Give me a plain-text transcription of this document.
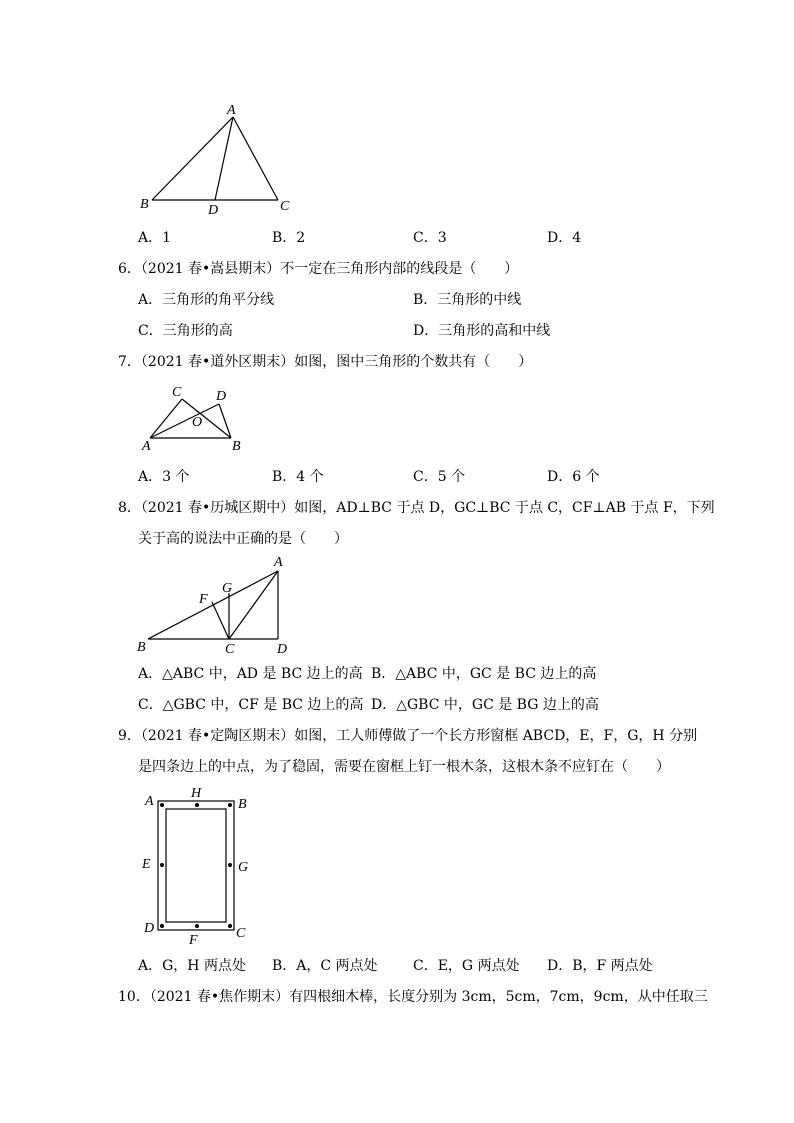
A
B	C
D
A．1	B．2	C．3	D．4
6．（2021 春•嵩县期末）不一定在三角形内部的线段是（　　）
A．三角形的角平分线	B．三角形的中线
C．三角形的高	D．三角形的高和中线
7．（2021 春•道外区期末）如图，图中三角形的个数共有（　　）
C D
O
A	B
A．3 个	B．4 个	C．5 个	D．6 个
8．（2021 春•历城区期中）如图，AD⊥BC 于点 D，GC⊥BC 于点 C，CF⊥AB 于点 F，下列
关于高的说法中正确的是（　　）
A
G
F
B	C	D
A．△ABC 中，AD 是 BC 边上的高 B．△ABC 中，GC 是 BC 边上的高
C．△GBC 中，CF 是 BC 边上的高 D．△GBC 中，GC 是 BG 边上的高
9．（2021 春•定陶区期末）如图，工人师傅做了一个长方形窗框 ABCD，E，F，G，H 分别
是四条边上的中点，为了稳固，需要在窗框上钉一根木条，这根木条不应钉在（　　）
A
H
B
E	G
D
F	C
A．G，H 两点处 B．A，C 两点处	C．E，G 两点处 D．B，F 两点处
10．（2021 春•焦作期末）有四根细木棒，长度分别为 3cm，5cm，7cm，9cm，从中任取三
